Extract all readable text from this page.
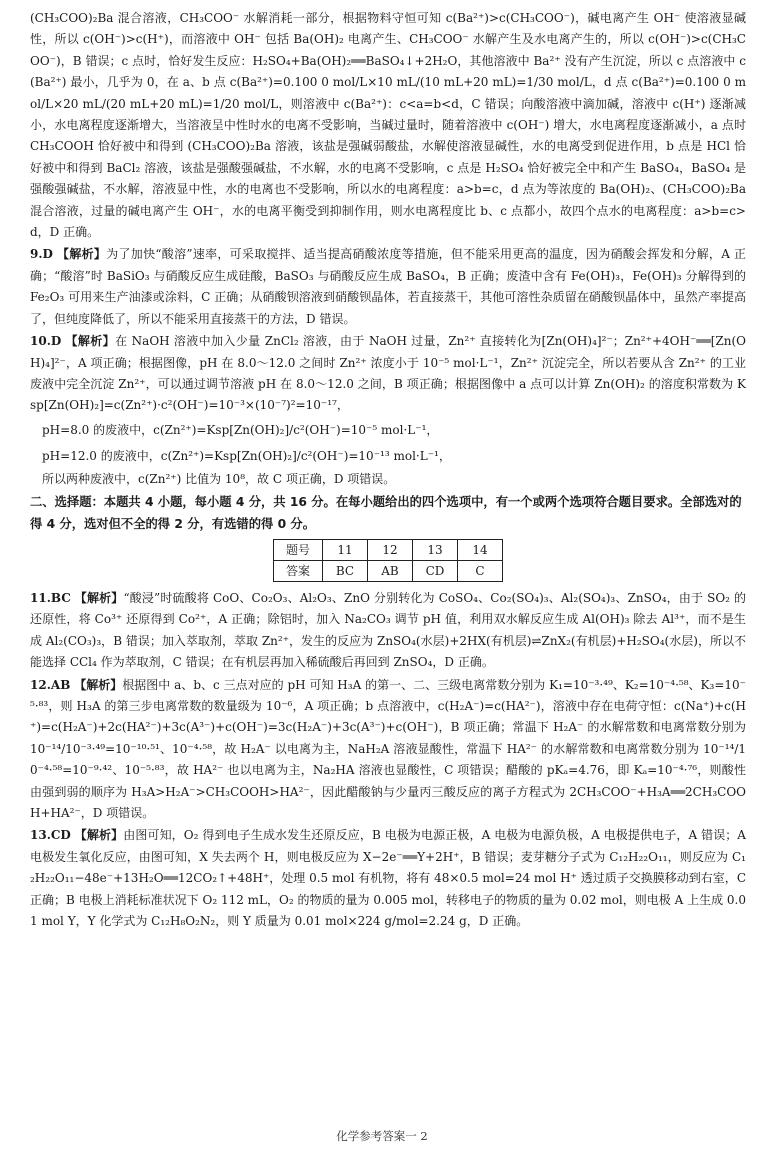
(CH₃COO)₂Ba 混合溶液，CH₃COO⁻ 水解消耗一部分，根据物料守恒可知 c(Ba²⁺)>c(CH₃COO⁻)，碱电离产生 OH⁻ 使溶液显碱性，所以 c(OH⁻)>c(H⁺)，而溶液中 OH⁻ 包括 Ba(OH)₂ 电离产生、CH₃COO⁻ 水解产生及水电离产生的，所以 c(OH⁻)>c(CH₃COO⁻)，B 错误；c 点时，恰好发生反应：H₂SO₄+Ba(OH)₂══BaSO₄↓+2H₂O，其他溶液中 Ba²⁺ 没有产生沉淀，所以 c 点溶液中 c(Ba²⁺) 最小，几乎为 0，在 a、b 点 c(Ba²⁺)=0.100 0 mol/L×10 mL/(10 mL+20 mL)=1/30 mol/L，d 点 c(Ba²⁺)=0.100 0 mol/L×20 mL/(20 mL+20 mL)=1/20 mol/L，则溶液中 c(Ba²⁺)：c<a=b<d，C 错误；向酸溶液中滴加碱，溶液中 c(H⁺) 逐渐减小，水电离程度逐渐增大，当溶液呈中性时水的电离不受影响，当碱过量时，随着溶液中 c(OH⁻) 增大，水电离程度逐渐减小，a 点时 CH₃COOH 恰好被中和得到 (CH₃COO)₂Ba 溶液，该盐是强碱弱酸盐，水解使溶液显碱性，水的电离受到促进作用，b 点是 HCl 恰好被中和得到 BaCl₂ 溶液，该盐是强酸强碱盐，不水解，水的电离不受影响，c 点是 H₂SO₄ 恰好被完全中和产生 BaSO₄，BaSO₄ 是强酸强碱盐，不水解，溶液显中性，水的电离也不受影响，所以水的电离程度：a>b=c，d 点为等浓度的 Ba(OH)₂、(CH₃COO)₂Ba 混合溶液，过量的碱电离产生 OH⁻，水的电离平衡受到抑制作用，则水电离程度比 b、c 点都小，故四个点水的电离程度：a>b=c>d，D 正确。

9.D 【解析】为了加快“酸溶”速率，可采取搅拌、适当提高硝酸浓度等措施，但不能采用更高的温度，因为硝酸会挥发和分解，A 正确；“酸溶”时 BaSiO₃ 与硝酸反应生成硅酸，BaSO₃ 与硝酸反应生成 BaSO₄，B 正确；废渣中含有 Fe(OH)₃，Fe(OH)₃ 分解得到的 Fe₂O₃ 可用来生产油漆或涂料，C 正确；从硝酸钡溶液到硝酸钡晶体，若直接蒸干，其他可溶性杂质留在硝酸钡晶体中，虽然产率提高了，但纯度降低了，所以不能采用直接蒸干的方法，D 错误。

10.D 【解析】在 NaOH 溶液中加入少量 ZnCl₂ 溶液，由于 NaOH 过量，Zn²⁺ 直接转化为[Zn(OH)₄]²⁻；Zn²⁺+4OH⁻══[Zn(OH)₄]²⁻，A 项正确；根据图像，pH 在 8.0～12.0 之间时 Zn²⁺ 浓度小于 10⁻⁵ mol·L⁻¹，Zn²⁺ 沉淀完全，所以若要从含 Zn²⁺ 的工业废液中完全沉淀 Zn²⁺，可以通过调节溶液 pH 在 8.0～12.0 之间，B 项正确；根据图像中 a 点可以计算 Zn(OH)₂ 的溶度积常数为 Ksp[Zn(OH)₂]=c(Zn²⁺)·c²(OH⁻)=10⁻³×(10⁻⁷)²=10⁻¹⁷，

pH=8.0 的废液中，c(Zn²⁺)=Ksp[Zn(OH)₂]/c²(OH⁻)=10⁻⁵ mol·L⁻¹，

pH=12.0 的废液中，c(Zn²⁺)=Ksp[Zn(OH)₂]/c²(OH⁻)=10⁻¹³ mol·L⁻¹，

所以两种废液中，c(Zn²⁺) 比值为 10⁸，故 C 项正确，D 项错误。

二、选择题：本题共 4 小题，每小题 4 分，共 16 分。在每小题给出的四个选项中，有一个或两个选项符合题目要求。全部选对的得 4 分，选对但不全的得 2 分，有选错的得 0 分。

题号	11	12	13	14
答案	BC	AB	CD	C

11.BC 【解析】“酸浸”时硫酸将 CoO、Co₂O₃、Al₂O₃、ZnO 分别转化为 CoSO₄、Co₂(SO₄)₃、Al₂(SO₄)₃、ZnSO₄，由于 SO₂ 的还原性，将 Co³⁺ 还原得到 Co²⁺，A 正确；除铝时，加入 Na₂CO₃ 调节 pH 值，利用双水解反应生成 Al(OH)₃ 除去 Al³⁺，而不是生成 Al₂(CO₃)₃，B 错误；加入萃取剂，萃取 Zn²⁺，发生的反应为 ZnSO₄(水层)+2HX(有机层)⇌ZnX₂(有机层)+H₂SO₄(水层)，所以不能选择 CCl₄ 作为萃取剂，C 错误；在有机层再加入稀硫酸后再回到 ZnSO₄，D 正确。

12.AB 【解析】根据图中 a、b、c 三点对应的 pH 可知 H₃A 的第一、二、三级电离常数分别为 K₁=10⁻³·⁴⁹、K₂=10⁻⁴·⁵⁸、K₃=10⁻⁵·⁸³，则 H₃A 的第三步电离常数的数量级为 10⁻⁶，A 项正确；b 点溶液中，c(H₂A⁻)=c(HA²⁻)，溶液中存在电荷守恒：c(Na⁺)+c(H⁺)=c(H₂A⁻)+2c(HA²⁻)+3c(A³⁻)+c(OH⁻)=3c(H₂A⁻)+3c(A³⁻)+c(OH⁻)，B 项正确；常温下 H₂A⁻ 的水解常数和电离常数分别为 10⁻¹⁴/10⁻³·⁴⁹=10⁻¹⁰·⁵¹、10⁻⁴·⁵⁸，故 H₂A⁻ 以电离为主，NaH₂A 溶液显酸性，常温下 HA²⁻ 的水解常数和电离常数分别为 10⁻¹⁴/10⁻⁴·⁵⁸=10⁻⁹·⁴²、10⁻⁵·⁸³，故 HA²⁻ 也以电离为主，Na₂HA 溶液也显酸性，C 项错误；醋酸的 pKₐ=4.76，即 Kₐ=10⁻⁴·⁷⁶，则酸性由强到弱的顺序为 H₃A>H₂A⁻>CH₃COOH>HA²⁻，因此醋酸钠与少量丙三酸反应的离子方程式为 2CH₃COO⁻+H₃A══2CH₃COOH+HA²⁻，D 项错误。

13.CD 【解析】由图可知，O₂ 得到电子生成水发生还原反应，B 电极为电源正极，A 电极为电源负极，A 电极提供电子，A 错误；A 电极发生氧化反应，由图可知，X 失去两个 H，则电极反应为 X−2e⁻══Y+2H⁺，B 错误；麦芽糖分子式为 C₁₂H₂₂O₁₁，则反应为 C₁₂H₂₂O₁₁−48e⁻+13H₂O══12CO₂↑+48H⁺，处理 0.5 mol 有机物，将有 48×0.5 mol=24 mol H⁺ 透过质子交换膜移动到右室，C 正确；B 电极上消耗标准状况下 O₂ 112 mL，O₂ 的物质的量为 0.005 mol，转移电子的物质的量为 0.02 mol，则电极 A 上生成 0.01 mol Y，Y 化学式为 C₁₂H₈O₂N₂，则 Y 质量为 0.01 mol×224 g/mol=2.24 g，D 正确。

化学参考答案一 2
